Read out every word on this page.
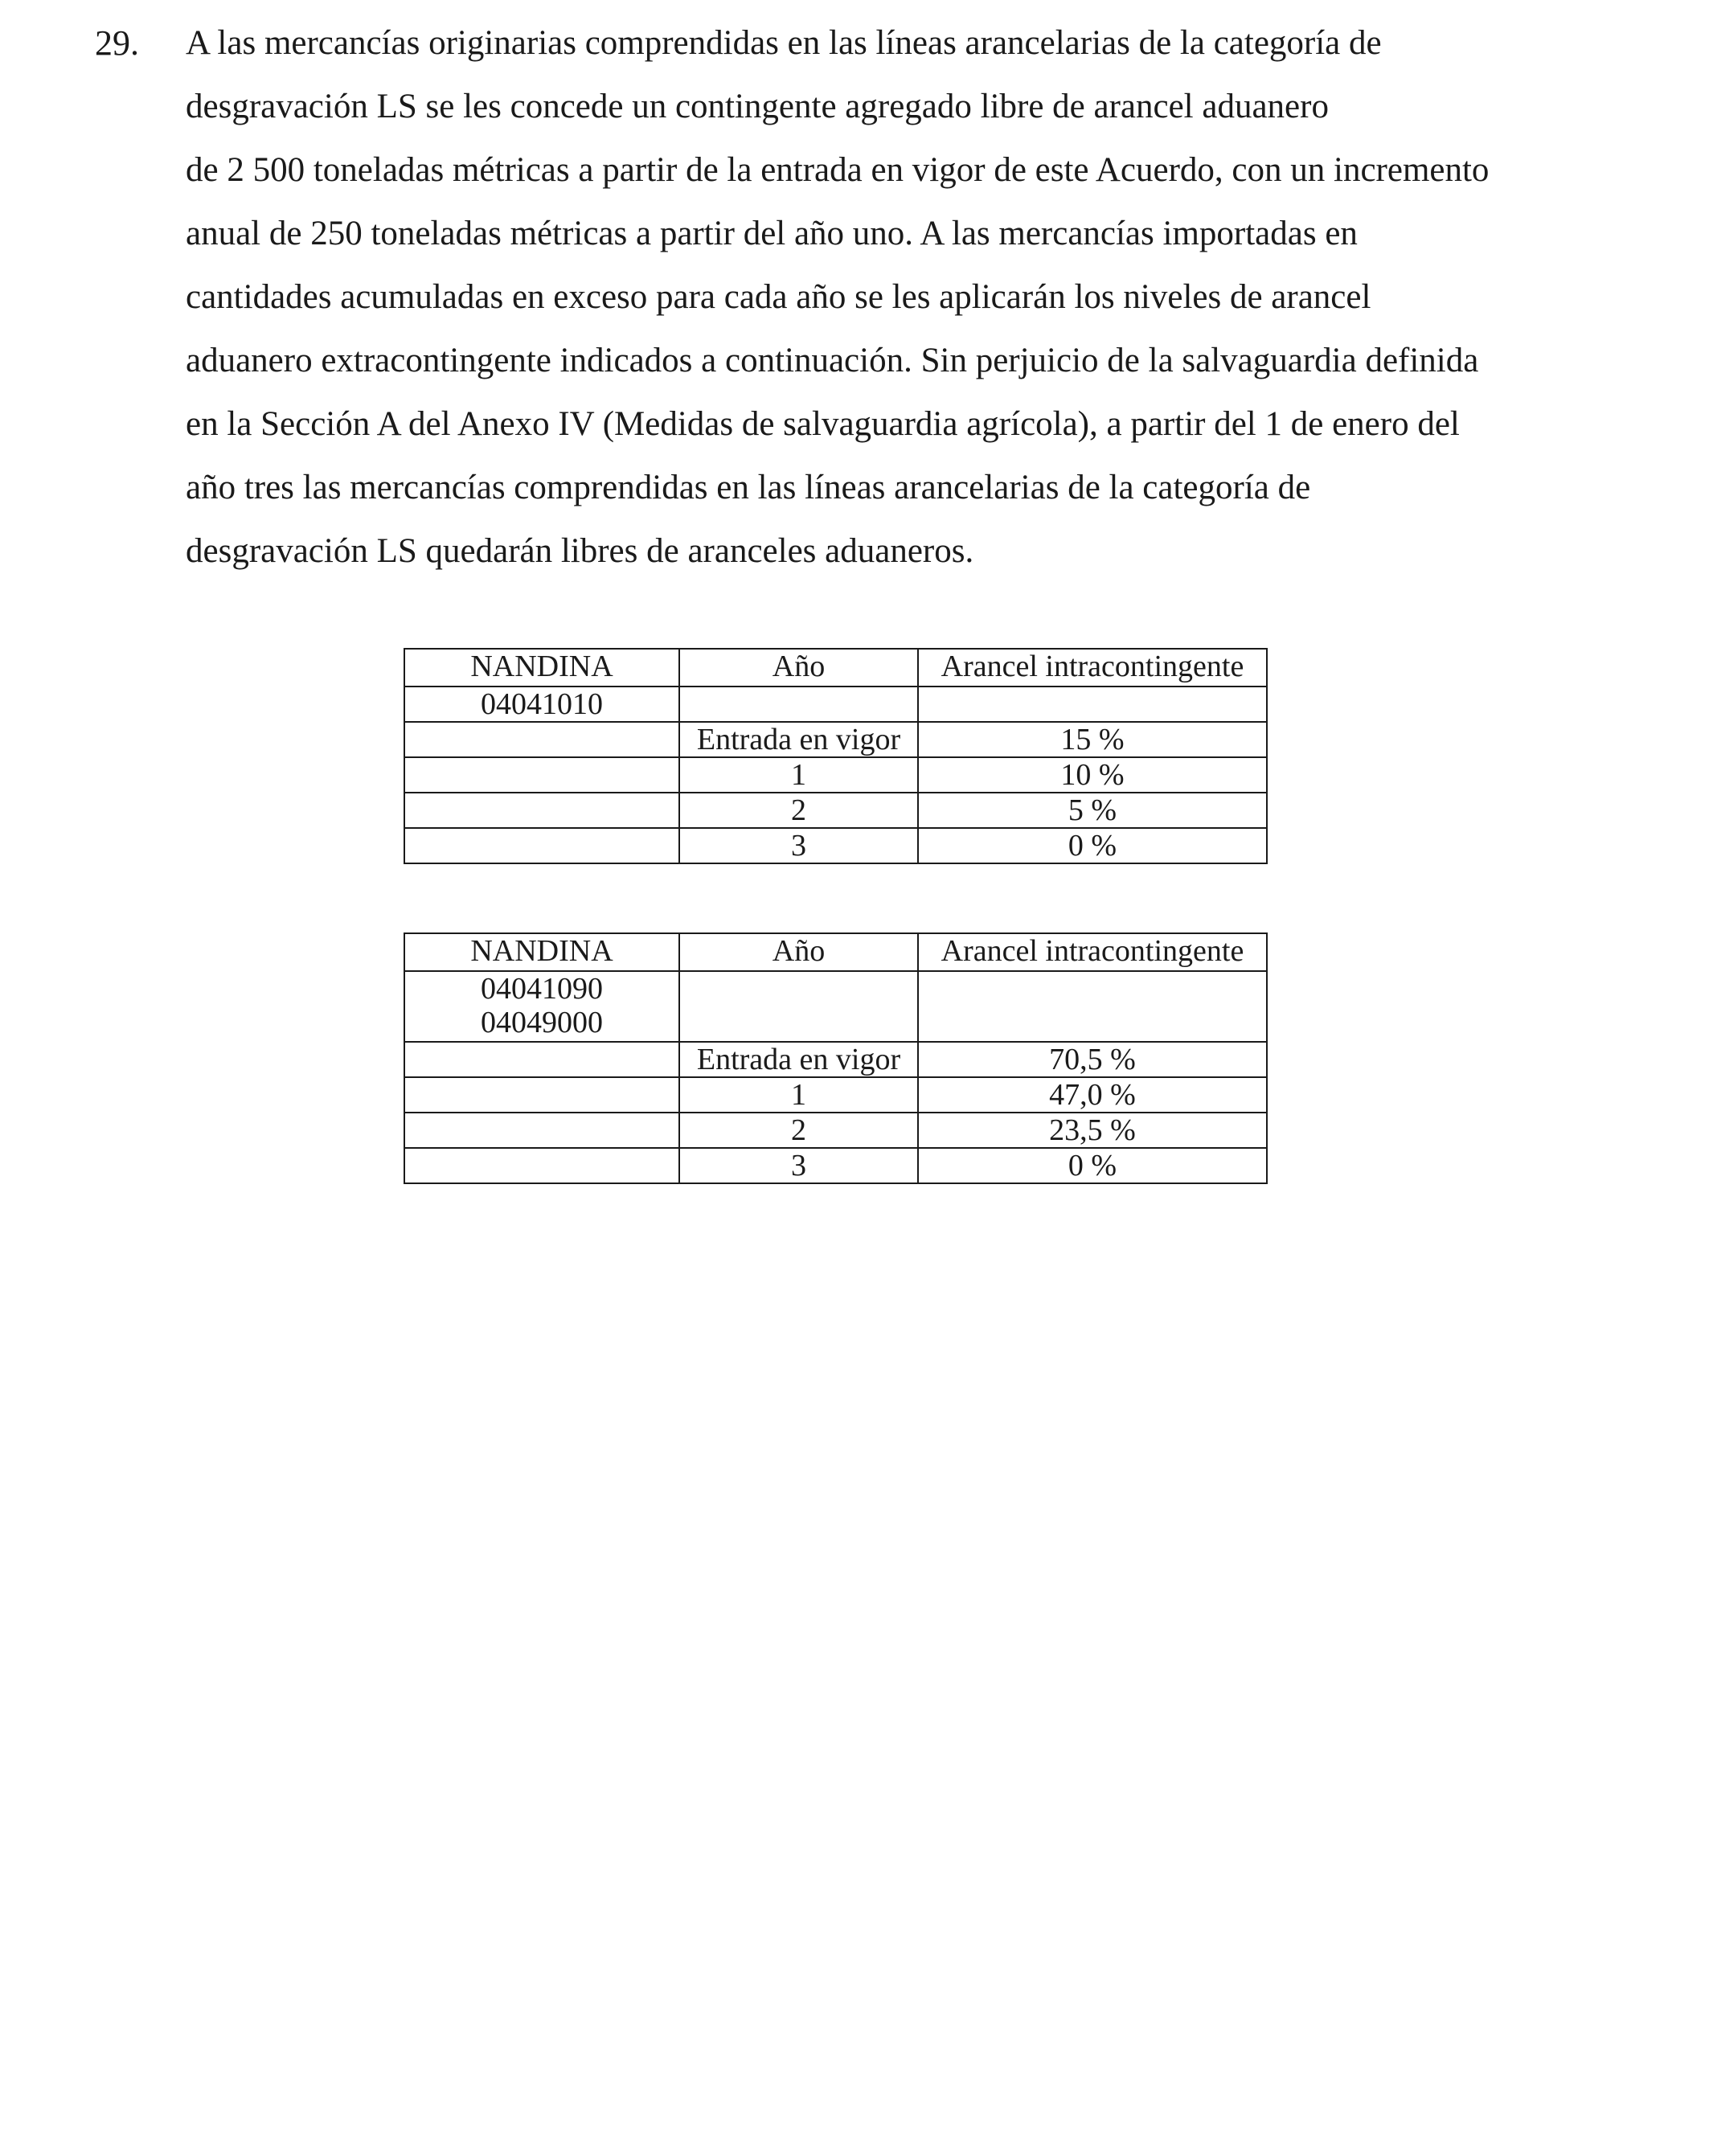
29. A las mercancías originarias comprendidas en las líneas arancelarias de la categoría de
desgravación LS se les concede un contingente agregado libre de arancel aduanero
de 2 500 toneladas métricas a partir de la entrada en vigor de este Acuerdo, con un incremento
anual de 250 toneladas métricas a partir del año uno. A las mercancías importadas en
cantidades acumuladas en exceso para cada año se les aplicarán los niveles de arancel
aduanero extracontingente indicados a continuación. Sin perjuicio de la salvaguardia definida
en la Sección A del Anexo IV (Medidas de salvaguardia agrícola), a partir del 1 de enero del
año tres las mercancías comprendidas en las líneas arancelarias de la categoría de
desgravación LS quedarán libres de aranceles aduaneros.
NANDINA	Año	Arancel intracontingente

04041010		

	Entrada en vigor	15 %
	1	10 %
	2	5 %
	3	0 %
NANDINA	Año	Arancel intracontingente

04041090
04049000		

	Entrada en vigor	70,5 %
	1	47,0 %
	2	23,5 %
	3	0 %
